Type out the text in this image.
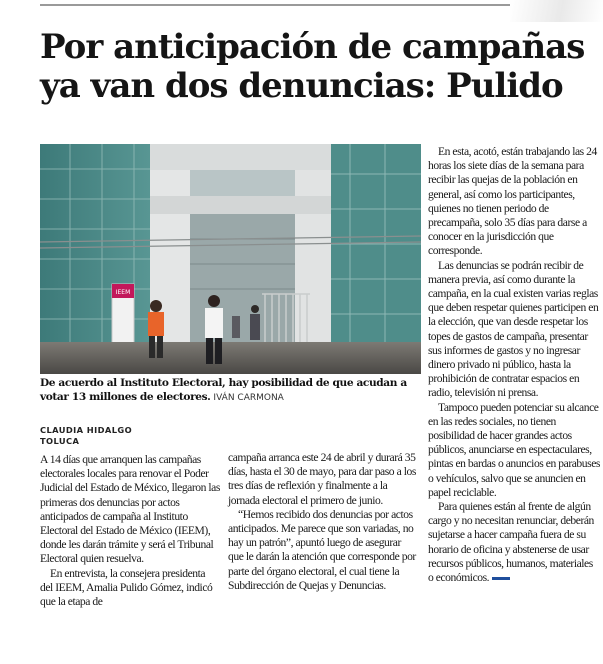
Por anticipación de campañas
ya van dos denuncias: Pulido
IEEM
De acuerdo al Instituto Electoral, hay posibilidad de que acudan a votar 13 millones de electores. IVÁN CARMONA
CLAUDIA HIDALGO
TOLUCA

A 14 días que arranquen las campañas electorales locales para renovar el Poder Judicial del Estado de México, llegaron las primeras dos denuncias por actos anticipados de campaña al Instituto Electoral del Estado de México (IEEM), donde les darán trámite y será el Tribunal Electoral quien resuelva.

En entrevista, la consejera presidenta del IEEM, Amalia Pulido Gómez, indicó que la etapa de

campaña arranca este 24 de abril y durará 35 días, hasta el 30 de mayo, para dar paso a los tres días de reflexión y finalmente a la jornada electoral el primero de junio.

“Hemos recibido dos denuncias por actos anticipados. Me parece que son variadas, no hay un patrón”, apuntó luego de asegurar que le darán la atención que corresponde por parte del órgano electoral, el cual tiene la Subdirección de Quejas y Denuncias.

En esta, acotó, están trabajando las 24 horas los siete días de la semana para recibir las quejas de la población en general, así como los participantes, quienes no tienen periodo de precampaña, solo 35 días para darse a conocer en la jurisdicción que corresponde.

Las denuncias se podrán recibir de manera previa, así como durante la campaña, en la cual existen varias reglas que deben respetar quienes participen en la elección, que van desde respetar los topes de gastos de campaña, presentar sus informes de gastos y no ingresar dinero privado ni público, hasta la prohibición de contratar espacios en radio, televisión ni prensa.

Tampoco pueden potenciar su alcance en las redes sociales, no tienen posibilidad de hacer grandes actos públicos, anunciarse en espectaculares, pintas en bardas o anuncios en parabuses o vehículos, salvo que se anuncien en papel reciclable.

Para quienes están al frente de algún cargo y no necesitan renunciar, deberán sujetarse a hacer campaña fuera de su horario de oficina y abstenerse de usar recursos públicos, humanos, materiales o económicos.
